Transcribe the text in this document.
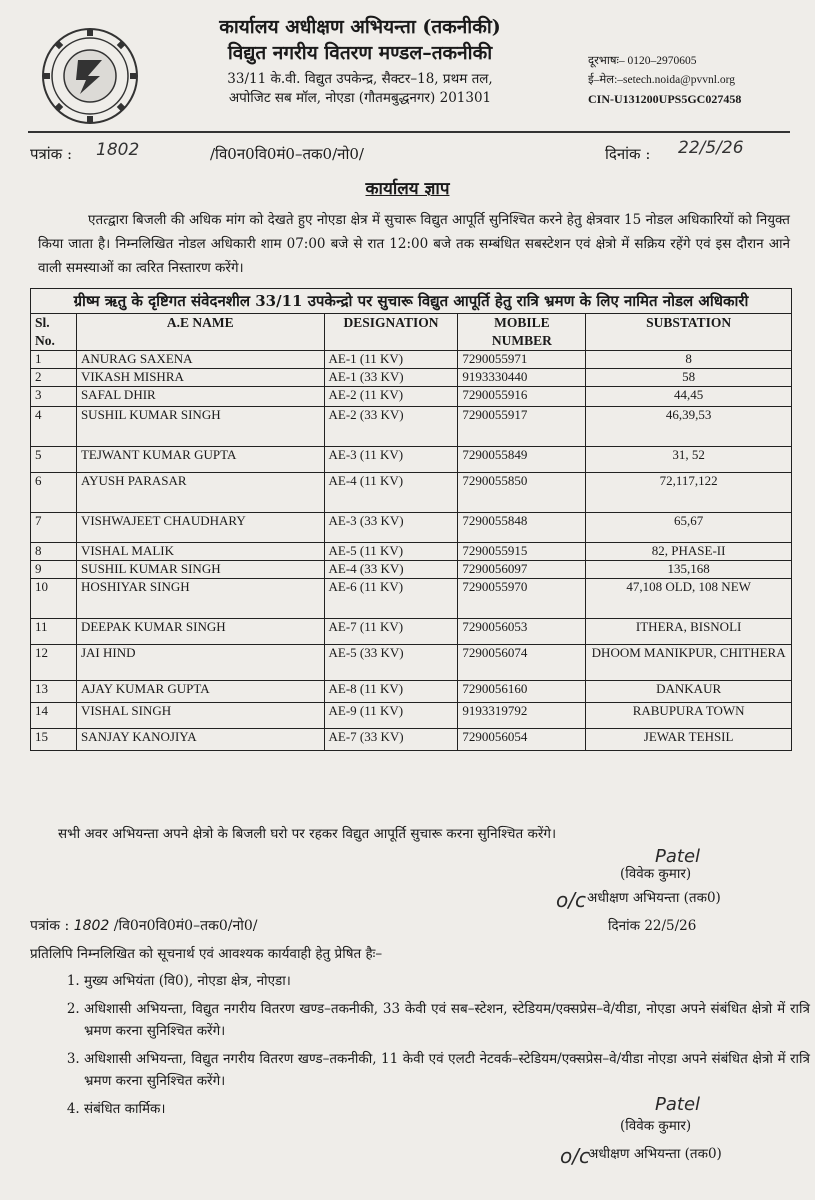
कार्यालय अधीक्षण अभियन्ता (तकनीकी)
विद्युत नगरीय वितरण मण्डल–तकनीकी
33/11 के.वी. विद्युत उपकेन्द्र, सैक्टर–18, प्रथम तल,
अपोजिट सब मॉल, नोएडा (गौतमबुद्धनगर) 201301
दूरभाषः– 0120–2970605
ई–मेल:–setech.noida@pvvnl.org
CIN-U131200UPS5GC027458
पत्रांक : 1802	/वि0न0वि0मं0–तक0/नो0/	दिनांक : 22/5/26
कार्यालय ज्ञाप
एतत्द्वारा बिजली की अधिक मांग को देखते हुए नोएडा क्षेत्र में सुचारू विद्युत आपूर्ति सुनिश्चित करने हेतु क्षेत्रवार 15 नोडल अधिकारियों को नियुक्त किया जाता है। निम्नलिखित नोडल अधिकारी शाम 07:00 बजे से रात 12:00 बजे तक सम्बंधित सबस्टेशन एवं क्षेत्रो में सक्रिय रहेंगे एवं इस दौरान आने वाली समस्याओं का त्वरित निस्तारण करेंगे।
ग्रीष्म ऋतु के दृष्टिगत संवेदनशील 33/11 उपकेन्द्रो पर सुचारू विद्युत आपूर्ति हेतु रात्रि भ्रमण के लिए नामित नोडल अधिकारी				
Sl. No.	A.E NAME	DESIGNATION	MOBILE NUMBER	SUBSTATION
1	ANURAG SAXENA	AE-1 (11 KV)	7290055971	8
2	VIKASH MISHRA	AE-1 (33 KV)	9193330440	58
3	SAFAL DHIR	AE-2 (11 KV)	7290055916	44,45
4	SUSHIL KUMAR SINGH	AE-2 (33 KV)	7290055917	46,39,53
5	TEJWANT KUMAR GUPTA	AE-3 (11 KV)	7290055849	31, 52
6	AYUSH PARASAR	AE-4 (11 KV)	7290055850	72,117,122
7	VISHWAJEET CHAUDHARY	AE-3 (33 KV)	7290055848	65,67
8	VISHAL MALIK	AE-5 (11 KV)	7290055915	82, PHASE-II
9	SUSHIL KUMAR SINGH	AE-4 (33 KV)	7290056097	135,168
10	HOSHIYAR SINGH	AE-6 (11 KV)	7290055970	47,108 OLD, 108 NEW
11	DEEPAK KUMAR SINGH	AE-7 (11 KV)	7290056053	ITHERA, BISNOLI
12	JAI HIND	AE-5 (33 KV)	7290056074	DHOOM MANIKPUR, CHITHERA
13	AJAY KUMAR GUPTA	AE-8 (11 KV)	7290056160	DANKAUR
14	VISHAL SINGH	AE-9 (11 KV)	9193319792	RABUPURA TOWN
15	SANJAY KANOJIYA	AE-7 (33 KV)	7290056054	JEWAR TEHSIL
सभी अवर अभियन्ता अपने क्षेत्रो के बिजली घरो पर रहकर विद्युत आपूर्ति सुचारू करना सुनिश्चित करेंगे।
Patel
(विवेक कुमार)
o/c अधीक्षण अभियन्ता (तक0)
दिनांक 22/5/26
पत्रांक : 1802 /वि0न0वि0मं0–तक0/नो0/
प्रतिलिपि निम्नलिखित को सूचनार्थ एवं आवश्यक कार्यवाही हेतु प्रेषित हैः–
1. मुख्य अभियंता (वि0), नोएडा क्षेत्र, नोएडा।
2. अधिशासी अभियन्ता, विद्युत नगरीय वितरण खण्ड–तकनीकी, 33 केवी एवं सब–स्टेशन, स्टेडियम/एक्सप्रेस–वे/यीडा, नोएडा अपने संबंधित क्षेत्रो में रात्रि भ्रमण करना सुनिश्चित करेंगे।
3. अधिशासी अभियन्ता, विद्युत नगरीय वितरण खण्ड–तकनीकी, 11 केवी एवं एलटी नेटवर्क–स्टेडियम/एक्सप्रेस–वे/यीडा नोएडा अपने संबंधित क्षेत्रो में रात्रि भ्रमण करना सुनिश्चित करेंगे।
4. संबंधित कार्मिक।	Patel
(विवेक कुमार)
o/c
अधीक्षण अभियन्ता (तक0)
